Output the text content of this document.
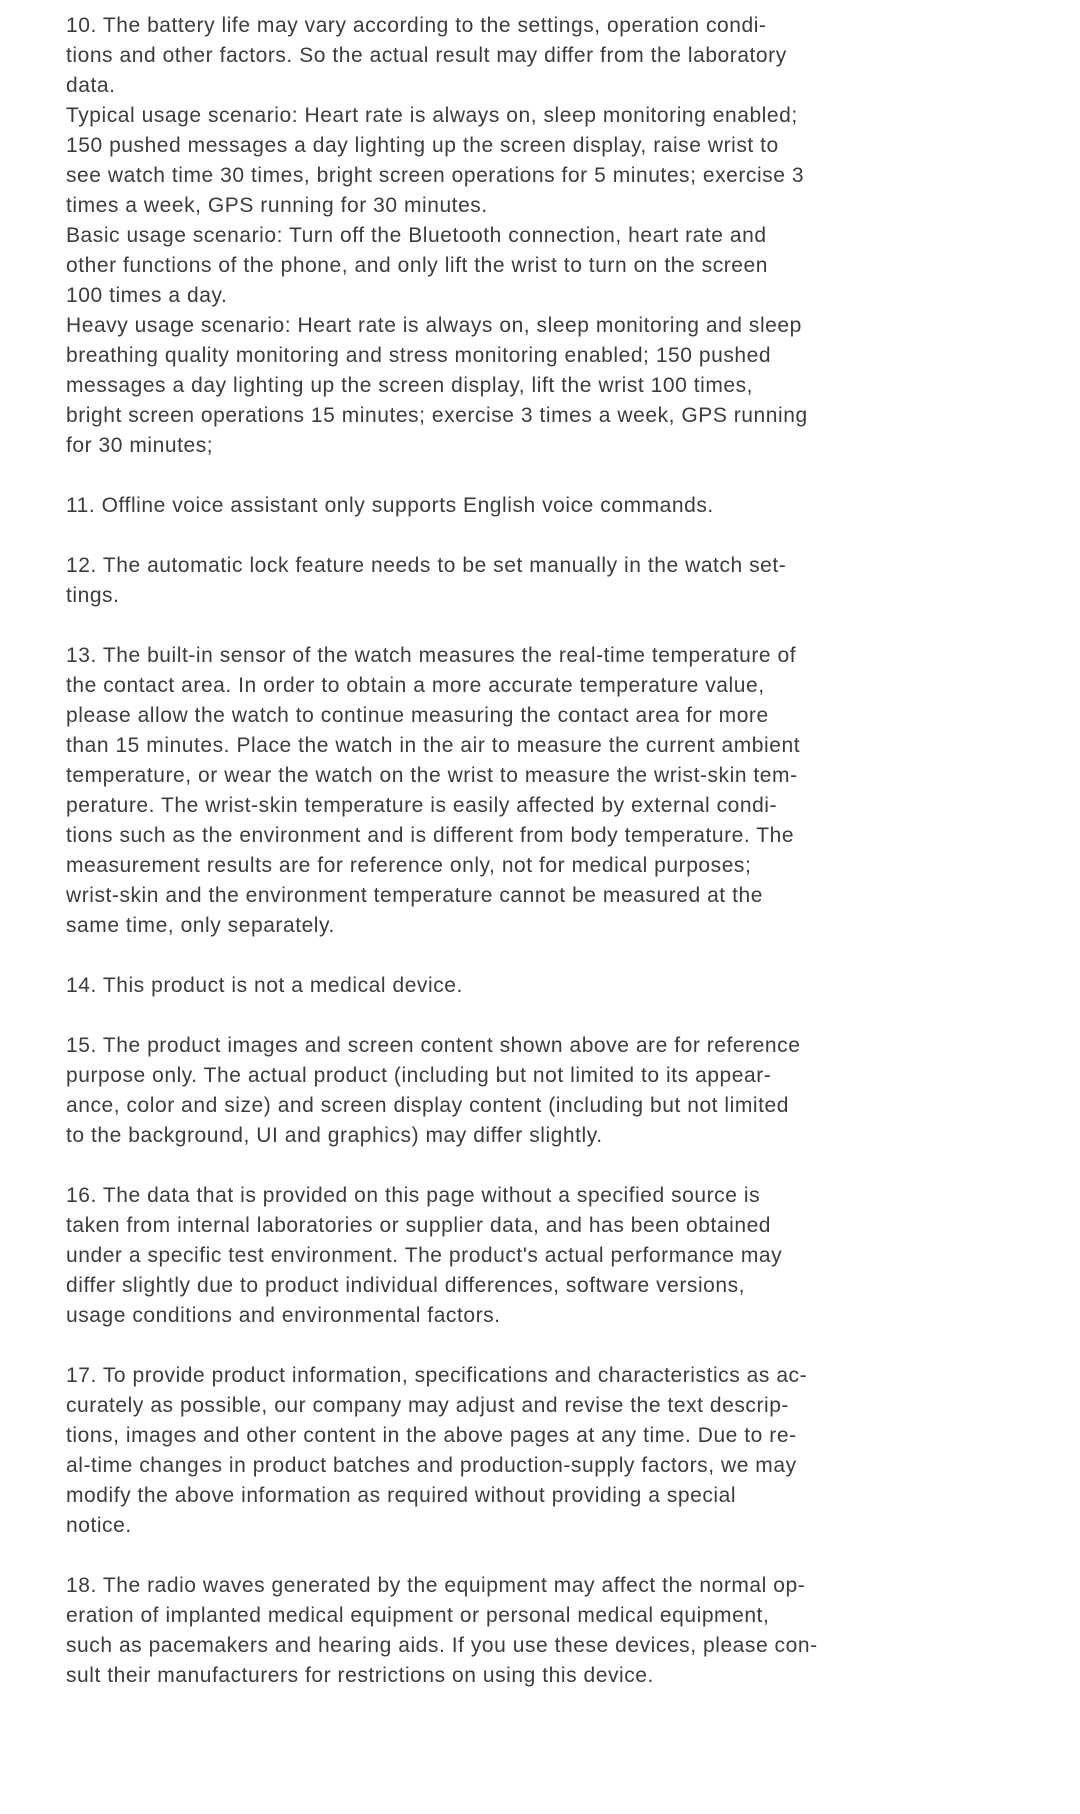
10. The battery life may vary according to the settings, operation condi-
tions and other factors. So the actual result may differ from the laboratory
data.
Typical usage scenario: Heart rate is always on, sleep monitoring enabled;
150 pushed messages a day lighting up the screen display, raise wrist to
see watch time 30 times, bright screen operations for 5 minutes; exercise 3
times a week, GPS running for 30 minutes.
Basic usage scenario: Turn off the Bluetooth connection, heart rate and
other functions of the phone, and only lift the wrist to turn on the screen
100 times a day.
Heavy usage scenario: Heart rate is always on, sleep monitoring and sleep
breathing quality monitoring and stress monitoring enabled; 150 pushed
messages a day lighting up the screen display, lift the wrist 100 times,
bright screen operations 15 minutes; exercise 3 times a week, GPS running
for 30 minutes;
11. Offline voice assistant only supports English voice commands.
12. The automatic lock feature needs to be set manually in the watch set-
tings.
13. The built-in sensor of the watch measures the real-time temperature of
the contact area. In order to obtain a more accurate temperature value,
please allow the watch to continue measuring the contact area for more
than 15 minutes. Place the watch in the air to measure the current ambient
temperature, or wear the watch on the wrist to measure the wrist-skin tem-
perature. The wrist-skin temperature is easily affected by external condi-
tions such as the environment and is different from body temperature. The
measurement results are for reference only, not for medical purposes;
wrist-skin and the environment temperature cannot be measured at the
same time, only separately.
14. This product is not a medical device.
15. The product images and screen content shown above are for reference
purpose only. The actual product (including but not limited to its appear-
ance, color and size) and screen display content (including but not limited
to the background, UI and graphics) may differ slightly.
16. The data that is provided on this page without a specified source is
taken from internal laboratories or supplier data, and has been obtained
under a specific test environment. The product's actual performance may
differ slightly due to product individual differences, software versions,
usage conditions and environmental factors.
17. To provide product information, specifications and characteristics as ac-
curately as possible, our company may adjust and revise the text descrip-
tions, images and other content in the above pages at any time. Due to re-
al-time changes in product batches and production-supply factors, we may
modify the above information as required without providing a special
notice.
18. The radio waves generated by the equipment may affect the normal op-
eration of implanted medical equipment or personal medical equipment,
such as pacemakers and hearing aids. If you use these devices, please con-
sult their manufacturers for restrictions on using this device.
